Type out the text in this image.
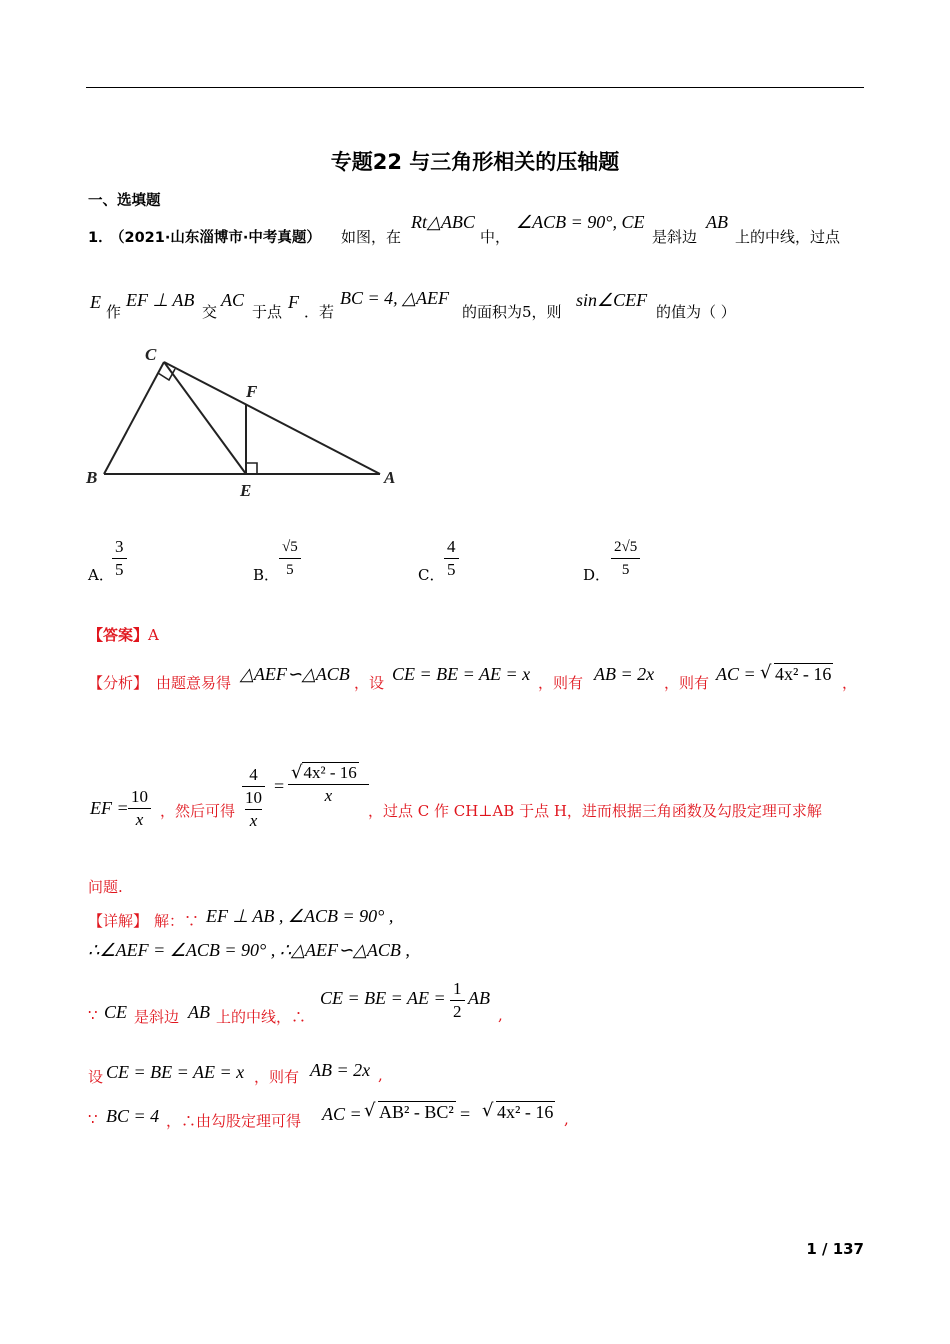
专题22 与三角形相关的压轴题
一、选填题
1．
（2021·山东淄博市·中考真题） 如图，在
Rt△ABC
中，
∠ACB = 90°, CE
是斜边
AB
上的中线，过点
E 作
EF ⊥ AB
交
AC
于点 F ．若
BC = 4, △AEF
的面积为5，则
sin∠CEF
的值为（ ）
C
F
B
E
A
A．
$\frac{3}{5}$	B． $\frac{√5}{5}$	C． $\frac{4}{5}$	D． $\frac{2√5}{5}$
【答案】A
【分析】 由题意易得 △AEF∽△ACB ，设 CE = BE = AE = x ，则有 AB = 2x ，则有 AC = √ 4x² - 16 ，
EF = $\frac{10}{x}$ ，然后可得 4
10
$x = \frac{\text{√4x² - 16}}{x}$
，过点 C 作 CH⊥AB 于点 H，进而根据三角函数及勾股定理可求解
问题.
【详解】 解：∵ EF ⊥ AB , ∠ACB = 90° ,
∴∠AEF = ∠ACB = 90° , ∴△AEF∽△ACB ,
∵ CE 是斜边 AB 上的中线，∴
CE = BE = AE = $\frac{1}{2}$ AB
,
设 CE = BE = AE = x ，则有 AB = 2x ,
∵ BC = 4 ，∴由勾股定理可得 AC = √ AB² - BC² = √ 4x² - 16 ,
1 / 137
